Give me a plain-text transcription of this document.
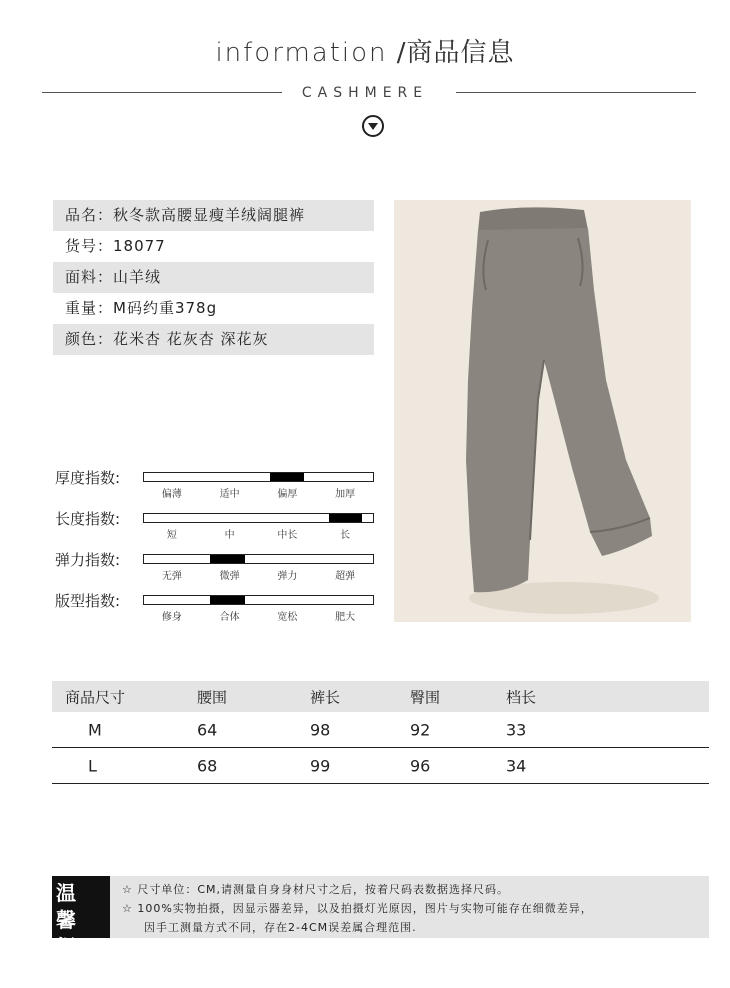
information /商品信息
CASHMERE
品名：秋冬款高腰显瘦羊绒阔腿裤
货号：18077
面料：山羊绒
重量：M码约重378g
颜色：花米杏 花灰杏 深花灰
厚度指数:
偏薄	适中	偏厚	加厚
长度指数:
短	中	中长	长
弹力指数:
无弹	微弹	弹力	超弹
版型指数:
修身	合体	宽松	肥大
商品尺寸	腰围	裤长	臀围	档长
M	64	98	92	33
L	68	99	96	34
温 馨
提 示
☆ 尺寸单位：CM,请测量自身身材尺寸之后，按着尺码表数据选择尺码。
☆ 100%实物拍摄，因显示器差异，以及拍摄灯光原因，图片与实物可能存在细微差异，
因手工测量方式不同，存在2-4CM误差属合理范围.
